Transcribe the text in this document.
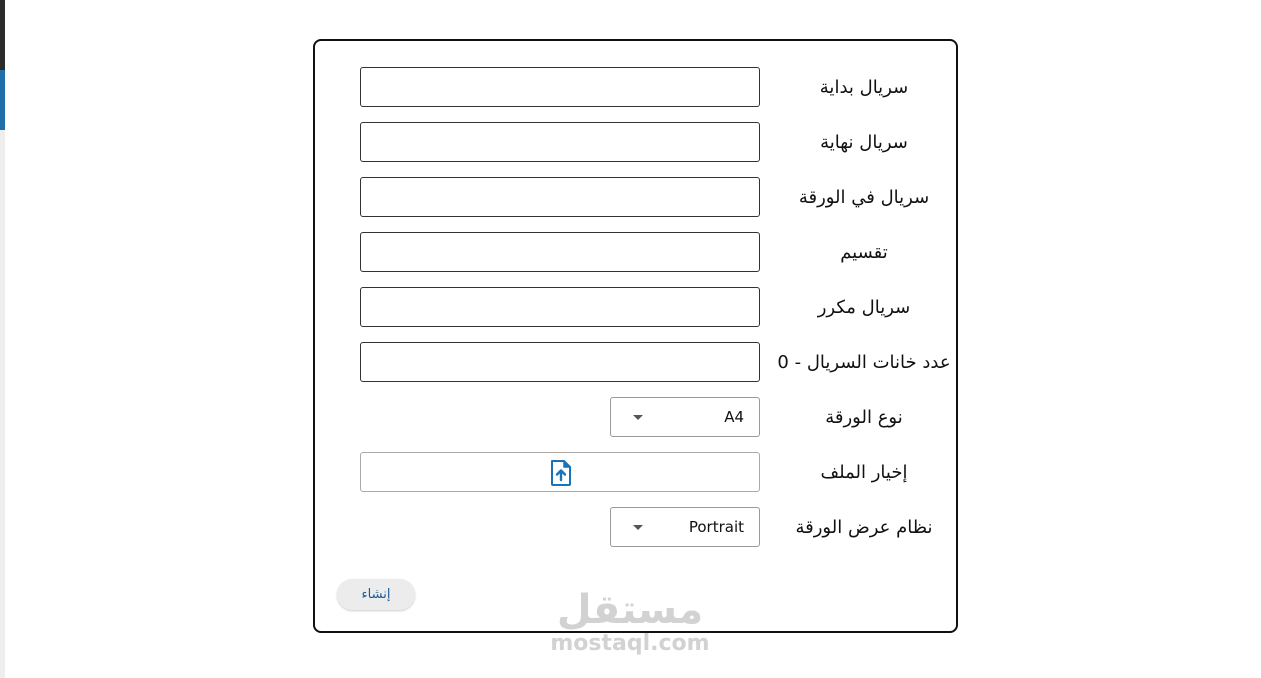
سريال بداية
سريال نهاية
سريال في الورقة
تقسيم
سريال مكرر
عدد خانات السريال - 0
نوع الورقة
A4
إخيار الملف
نظام عرض الورقة
Portrait
إنشاء	مستقل
mostaql.com
